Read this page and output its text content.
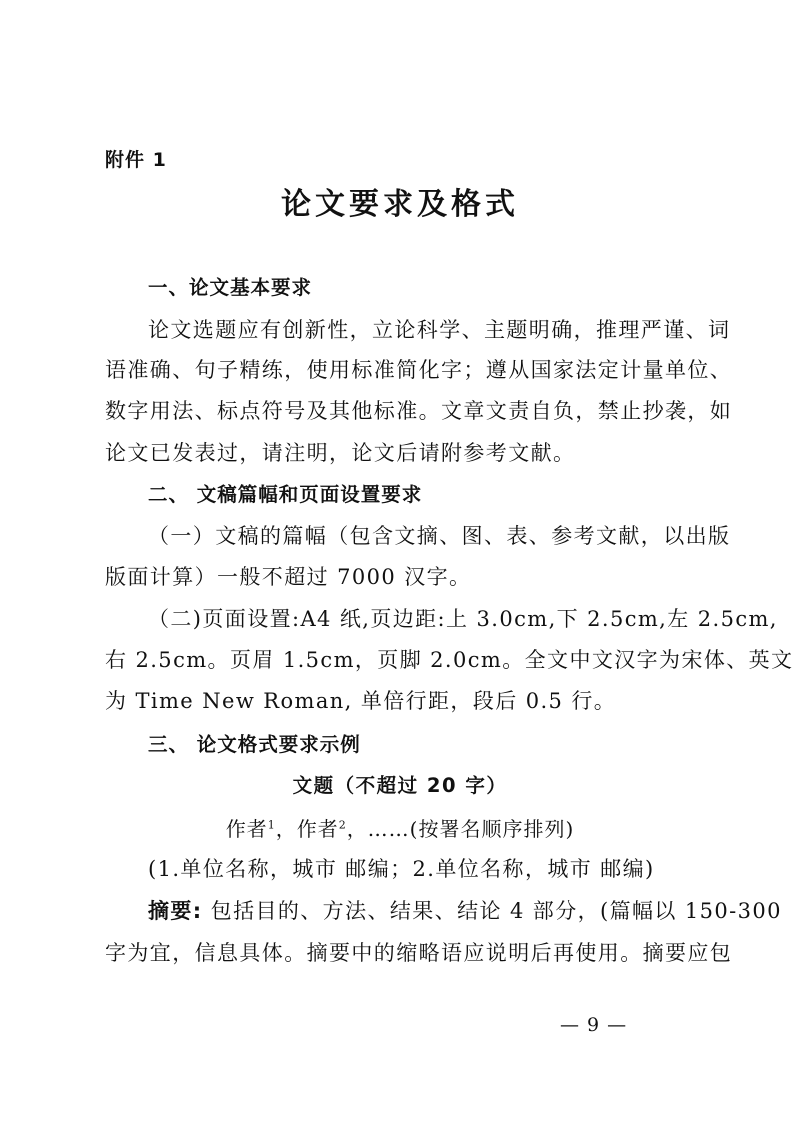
附件 1
论文要求及格式
一、论文基本要求
论文选题应有创新性，立论科学、主题明确，推理严谨、词
语准确、句子精练，使用标准简化字；遵从国家法定计量单位、
数字用法、标点符号及其他标准。文章文责自负，禁止抄袭，如
论文已发表过，请注明，论文后请附参考文献。
二、 文稿篇幅和页面设置要求
（一）文稿的篇幅（包含文摘、图、表、参考文献，以出版
版面计算）一般不超过 7000 汉字。
（二)页面设置:A4 纸,页边距:上 3.0cm,下 2.5cm,左 2.5cm,
右 2.5cm。页眉 1.5cm，页脚 2.0cm。全文中文汉字为宋体、英文
为 Time New Roman, 单倍行距，段后 0.5 行。
三、 论文格式要求示例
文题（不超过 20 字）
作者$^1$，作者$^2$，……(按署名顺序排列)
(1.单位名称，城市 邮编；2.单位名称，城市 邮编)
摘要: 包括目的、方法、结果、结论 4 部分，(篇幅以 150-300
字为宜，信息具体。摘要中的缩略语应说明后再使用。摘要应包
— 9 —
